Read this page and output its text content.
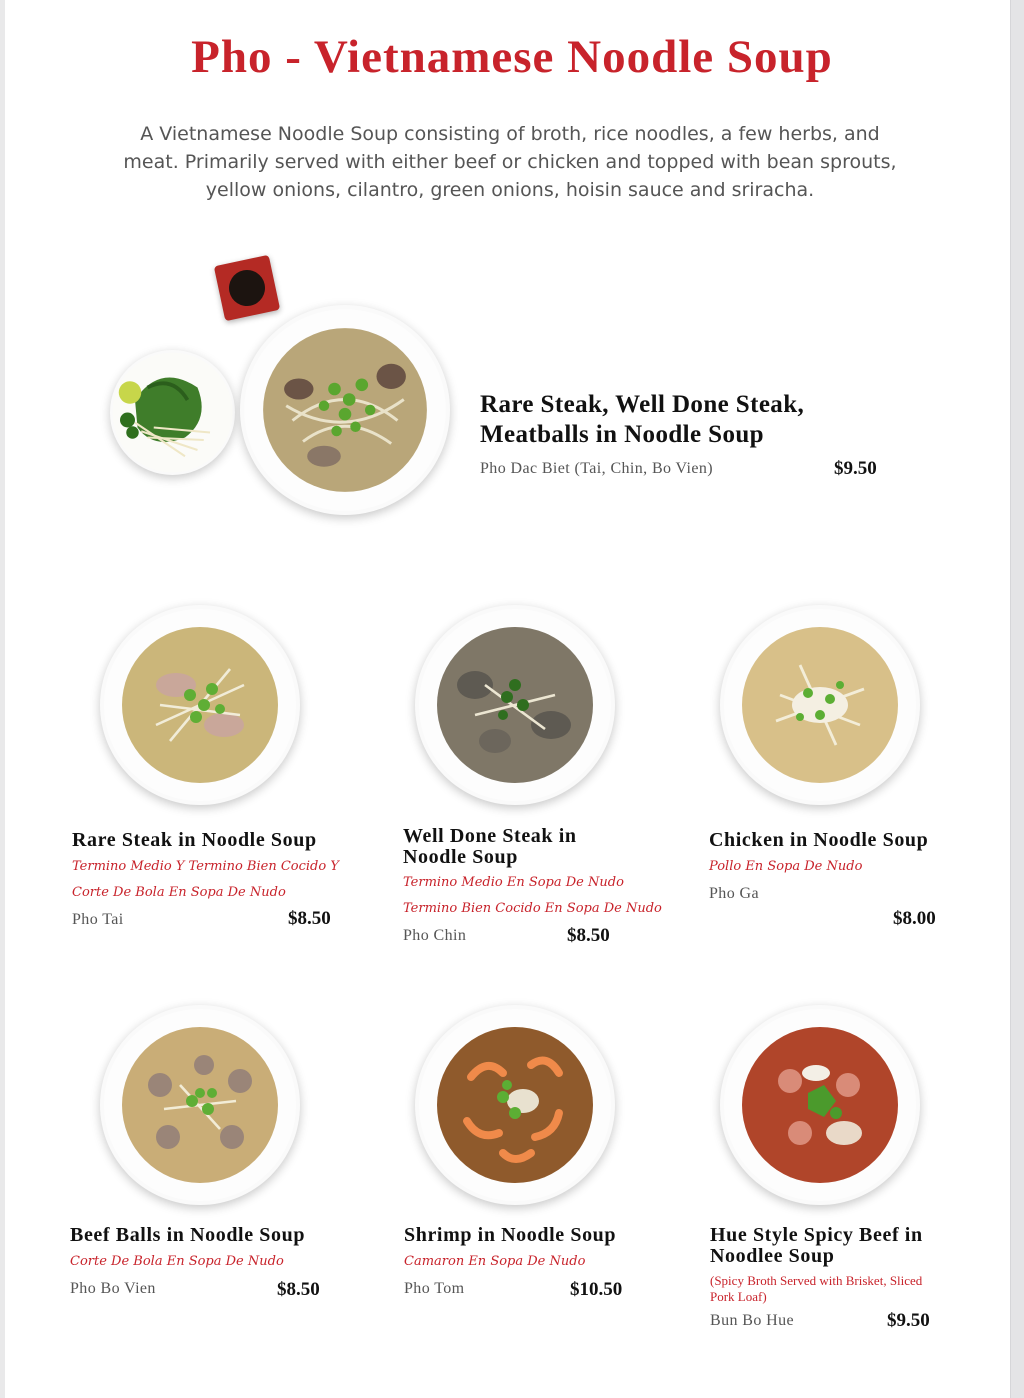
Pho - Vietnamese Noodle Soup

A Vietnamese Noodle Soup consisting of broth, rice noodles, a few herbs, and meat. Primarily served with either beef or chicken and topped with bean sprouts, yellow onions, cilantro, green onions, hoisin sauce and sriracha.

Rare Steak, Well Done Steak, Meatballs in Noodle Soup

Pho Dac Biet (Tai, Chin, Bo Vien)	$9.50

Rare Steak in Noodle Soup

Termino Medio Y Termino Bien Cocido Y Corte De Bola En Sopa De Nudo

Pho Tai	$8.50

Well Done Steak in Noodle Soup

Termino Medio En Sopa De Nudo

Termino Bien Cocido En Sopa De Nudo

Pho Chin	$8.50

Chicken in Noodle Soup

Pollo En Sopa De Nudo

Pho Ga

$8.00

Beef Balls in Noodle Soup

Corte De Bola En Sopa De Nudo

Pho Bo Vien	$8.50

Shrimp in Noodle Soup

Camaron En Sopa De Nudo

Pho Tom	$10.50

Hue Style Spicy Beef in Noodlee Soup

(Spicy Broth Served with Brisket, Sliced Pork Loaf)

Bun Bo Hue	$9.50
